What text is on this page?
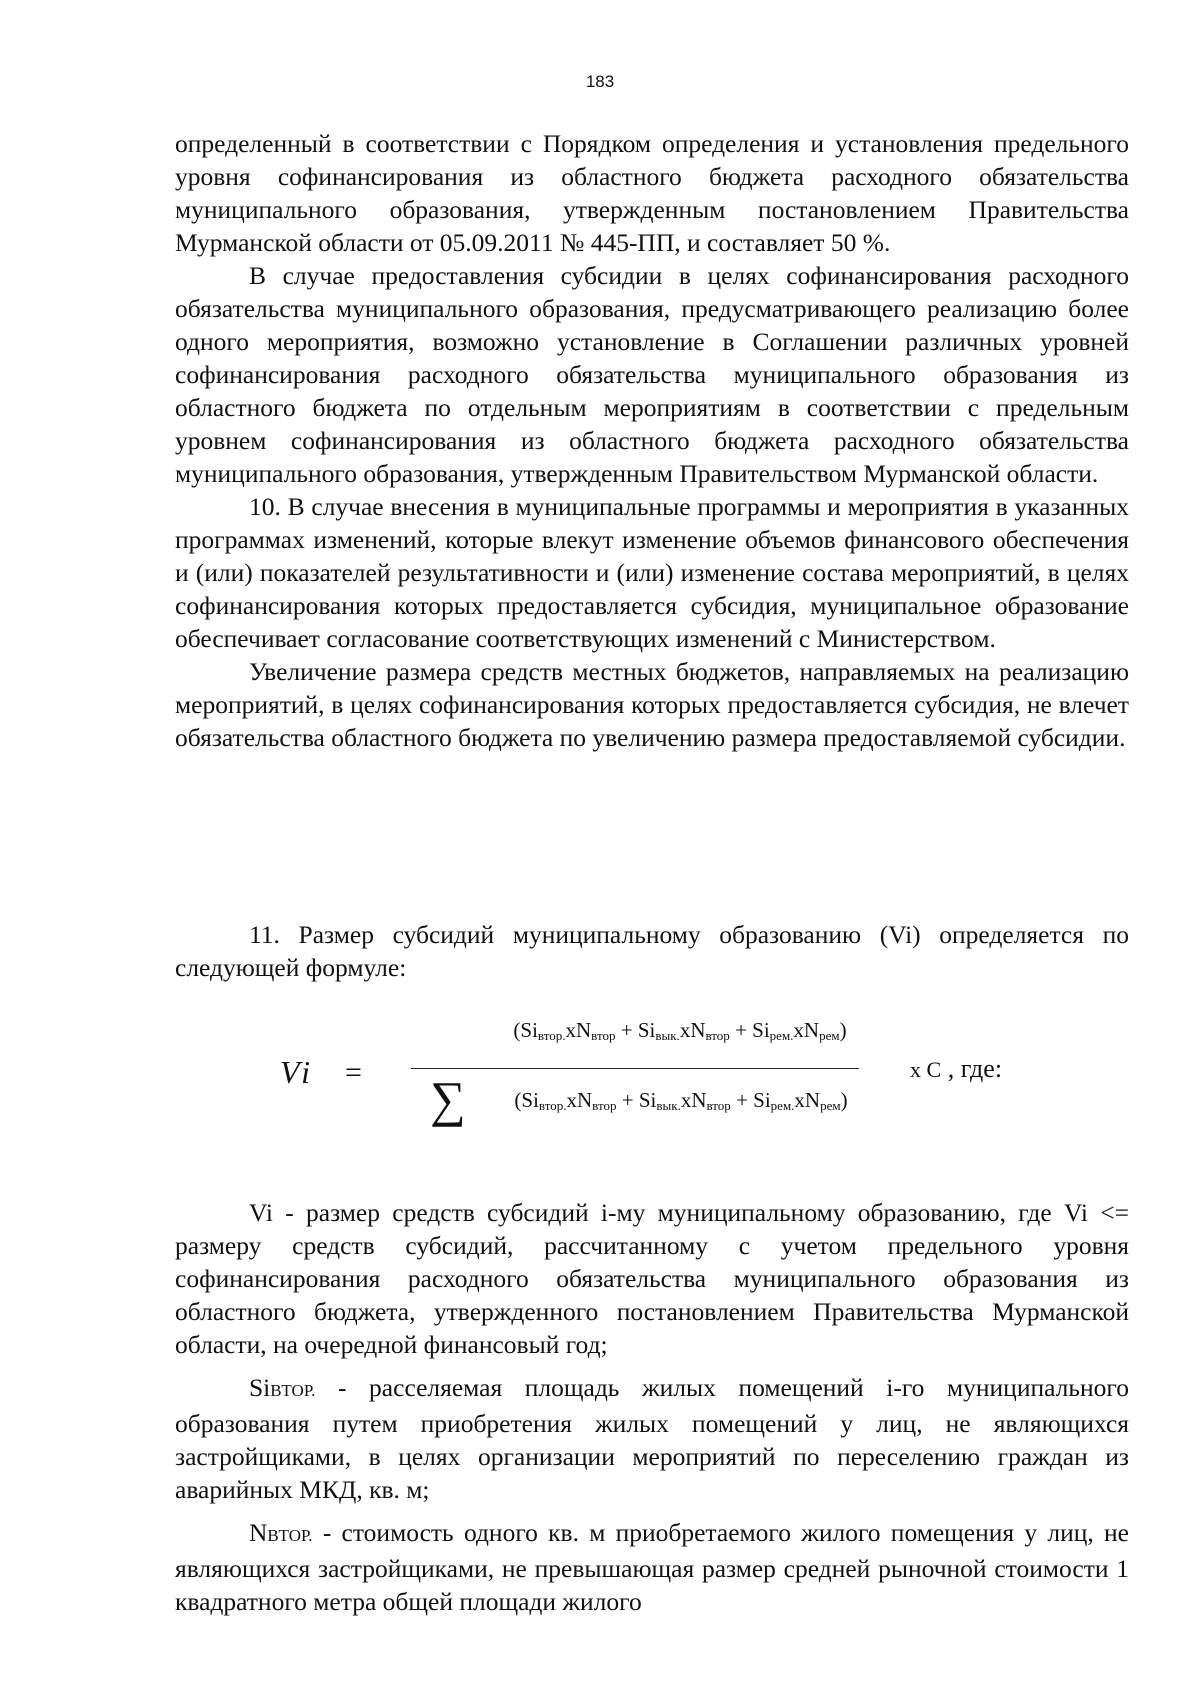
183

определенный в соответствии с Порядком определения и установления предельного уровня софинансирования из областного бюджета расходного обязательства муниципального образования, утвержденным постановлением Правительства Мурманской области от 05.09.2011 № 445-ПП, и составляет 50 %.

В случае предоставления субсидии в целях софинансирования расходного обязательства муниципального образования, предусматривающего реализацию более одного мероприятия, возможно установление в Соглашении различных уровней софинансирования расходного обязательства муниципального образования из областного бюджета по отдельным мероприятиям в соответствии с предельным уровнем софинансирования из областного бюджета расходного обязательства муниципального образования, утвержденным Правительством Мурманской области.

10. В случае внесения в муниципальные программы и мероприятия в указанных программах изменений, которые влекут изменение объемов финансового обеспечения и (или) показателей результативности и (или) изменение состава мероприятий, в целях софинансирования которых предоставляется субсидия, муниципальное образование обеспечивает согласование соответствующих изменений с Министерством.

Увеличение размера средств местных бюджетов, направляемых на реализацию мероприятий, в целях софинансирования которых предоставляется субсидия, не влечет обязательства областного бюджета по увеличению размера предоставляемой субсидии.

11. Размер субсидий муниципальному образованию (Vi) определяется по следующей формуле:

Vi =
$(Si_{втор.}xN_{втор} + Si_{вык.}xN_{втор} + Si_{рем.}xN_{рем})$
∑	$(Si_{втор.}xN_{втор} + Si_{вык.}xN_{втор} + Si_{рем.}xN_{рем})$
x С , где:

Vi - размер средств субсидий i-му муниципальному образованию, где Vi <= размеру средств субсидий, рассчитанному с учетом предельного уровня софинансирования расходного обязательства муниципального образования из областного бюджета, утвержденного постановлением Правительства Мурманской области, на очередной финансовый год;

SiВТОР. - расселяемая площадь жилых помещений i-го муниципального образования путем приобретения жилых помещений у лиц, не являющихся застройщиками, в целях организации мероприятий по переселению граждан из аварийных МКД, кв. м;

NВТОР. - стоимость одного кв. м приобретаемого жилого помещения у лиц, не являющихся застройщиками, не превышающая размер средней рыночной стоимости 1 квадратного метра общей площади жилого
